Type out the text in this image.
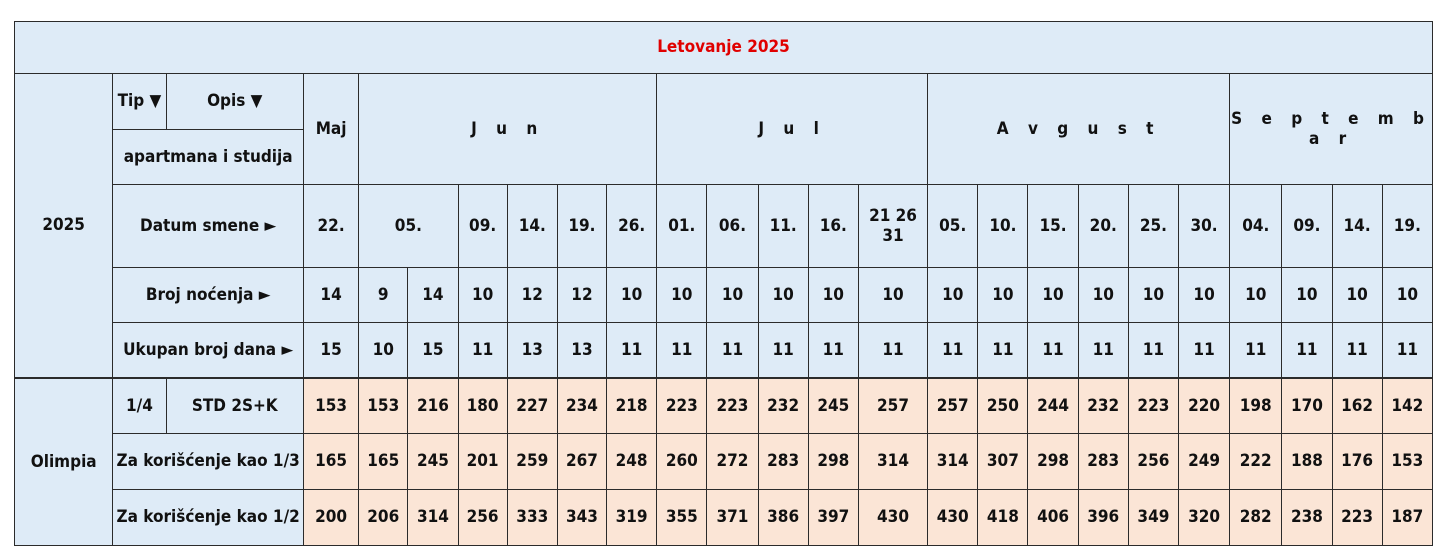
Letovanje 2025																								
2025	Tip ▼	Opis ▼	Maj	J u n						J u l					A v g u s t						S e p t e m b a r			
	apartmana i studija																							
	Datum smene ►		22.	05.		09.	14.	19.	26.	01.	06.	11.	16.	21 26 31	05.	10.	15.	20.	25.	30.	04.	09.	14.	19.
	Broj noćenja ►		14	9	14	10	12	12	10	10	10	10	10	10	10	10	10	10	10	10	10	10	10	10
	Ukupan broj dana ►		15	10	15	11	13	13	11	11	11	11	11	11	11	11	11	11	11	11	11	11	11	11
Olimpia	1/4	STD 2S+K	153	153	216	180	227	234	218	223	223	232	245	257	257	250	244	232	223	220	198	170	162	142
	Za korišćenje kao 1/3		165	165	245	201	259	267	248	260	272	283	298	314	314	307	298	283	256	249	222	188	176	153
	Za korišćenje kao 1/2		200	206	314	256	333	343	319	355	371	386	397	430	430	418	406	396	349	320	282	238	223	187
